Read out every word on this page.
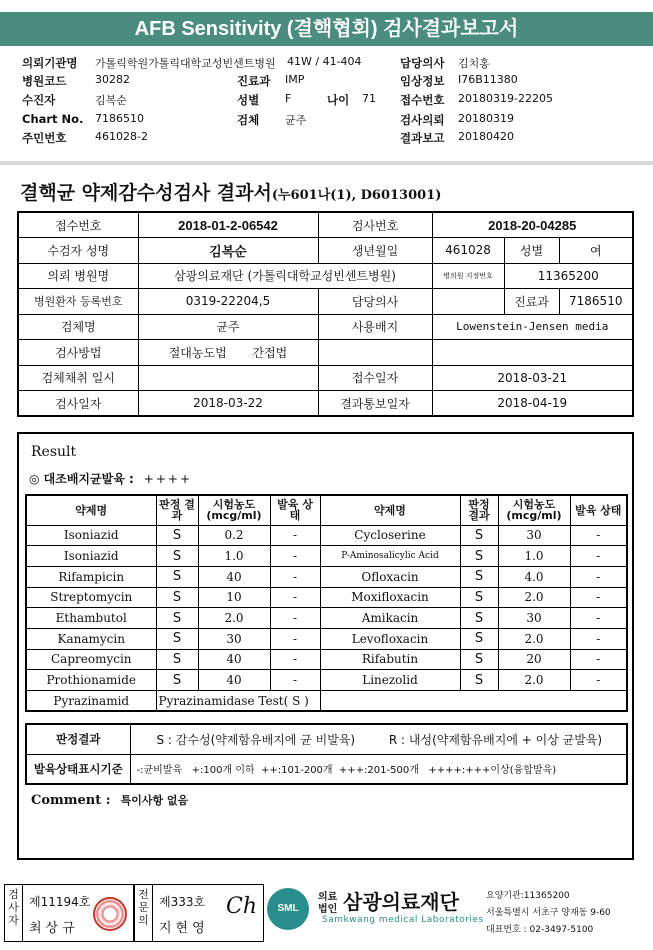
AFB Sensitivity (결핵협회) 검사결과보고서
의뢰기관명 가톨릭학원가톨릭대학교성빈센트병원 41W / 41-404	담당의사 김치홍
병원코드	30282	진료과 IMP	임상정보 I76B11380
수진자	김복순	성별 F	나이 71 접수번호 20180319-22205
Chart No. 7186510	검체 균주	검사의뢰 20180319
주민번호	461028-2	결과보고 20180420
결핵균 약제감수성검사 결과서(누601나(1), D6013001)
접수번호	2018-01-2-06542	검사번호	2018-20-04285		
수검자 성명	김복순	생년월일	461028	성별	여
의뢰 병원명	삼광의료재단 (가톨릭대학교성빈센트병원)		병의원 지정번호	11365200	
병원환자 등록번호	0319-22204,5	담당의사		진료과	7186510
검체명	균주	사용배지	Lowenstein-Jensen media		
검사방법	절대농도법 간접법				
검체채취 일시		접수일자	2018-03-21		
검사일자	2018-03-22	결과통보일자	2018-04-19		
Result
◎ 대조배지균발육 : ++++
약제명	판정 결과	시험농도 (mcg/ml)	발육 상태	약제명	판정 결과	시험농도 (mcg/ml)	발육 상태
Isoniazid	S	0.2	-	Cycloserine	S	30	-
Isoniazid	S	1.0	-	P-Aminosalicylic Acid	S	1.0	-
Rifampicin	S	40	-	Ofloxacin	S	4.0	-
Streptomycin	S	10	-	Moxifloxacin	S	2.0	-
Ethambutol	S	2.0	-	Amikacin	S	30	-
Kanamycin	S	30	-	Levofloxacin	S	2.0	-
Capreomycin	S	40	-	Rifabutin	S	20	-
Prothionamide	S	40	-	Linezolid	S	2.0	-
Pyrazinamid	Pyrazinamidase Test( S )						
판정결과	S : 감수성(약제함유배지에 균 비발육) R : 내성(약제함유배지에 + 이상 균발육)
발육상태표시기준	-:균비발육   +:100개 이하  ++:101-200개  +++:201-500개   ++++:+++이상(융합발육)
Comment : 특이사항 없음
검사자
제11194호
최상규
전문의
제333호
지현영
Ch	SML
의료 법인 삼광의료재단
Samkwang medical Laboratories
요양기관:11365200
서울특별시 서초구 양재동 9-60
대표번호 : 02-3497-5100
